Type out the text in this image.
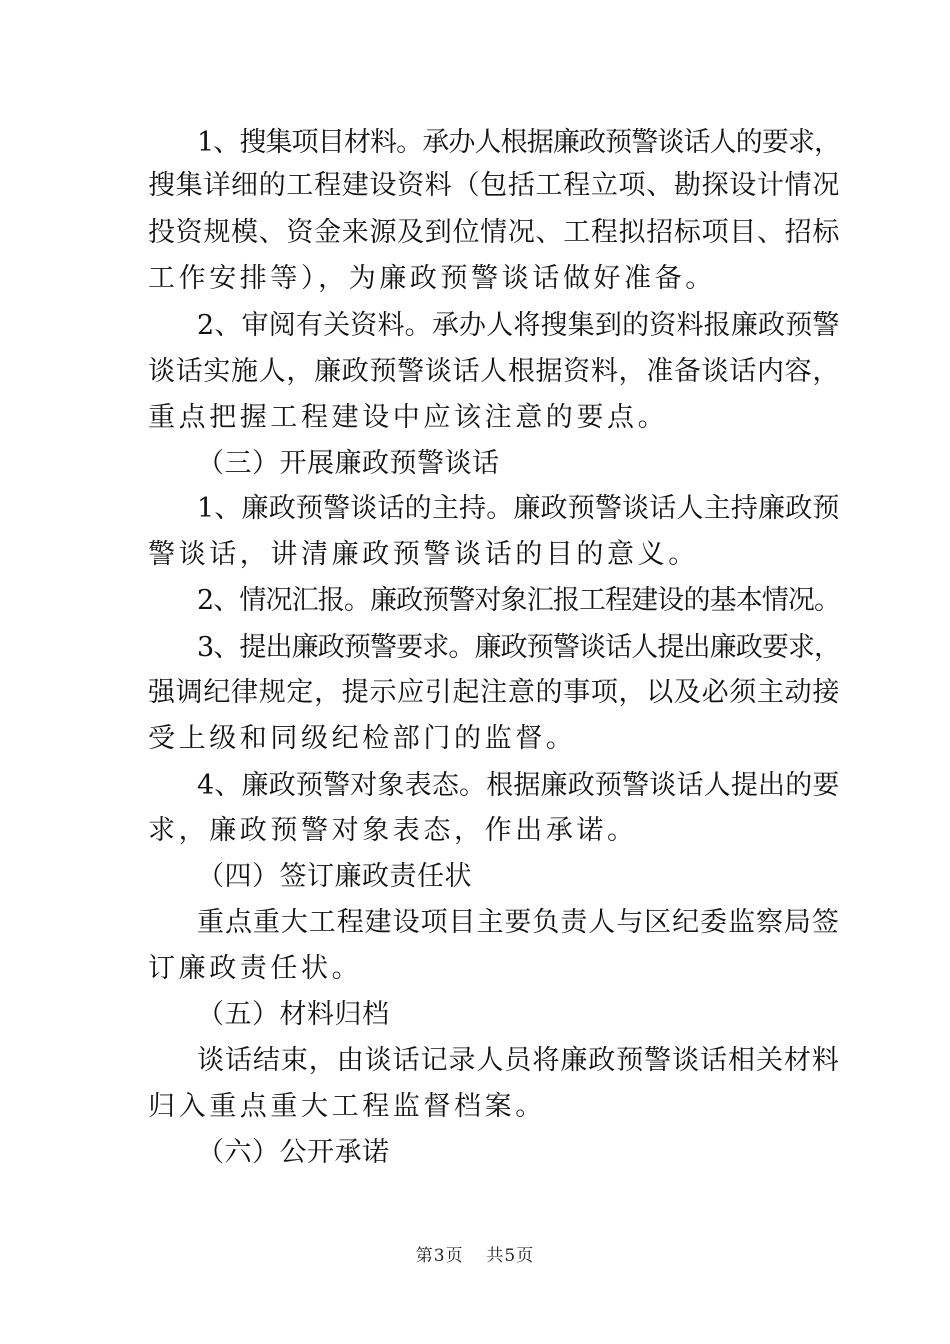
1、搜集项目材料。承办人根据廉政预警谈话人的要求，
搜集详细的工程建设资料（包括工程立项、勘探设计情况
投资规模、资金来源及到位情况、工程拟招标项目、招标
工作安排等），为廉政预警谈话做好准备。
2、审阅有关资料。承办人将搜集到的资料报廉政预警
谈话实施人，廉政预警谈话人根据资料，准备谈话内容，
重点把握工程建设中应该注意的要点。
（三）开展廉政预警谈话
1、廉政预警谈话的主持。廉政预警谈话人主持廉政预
警谈话，讲清廉政预警谈话的目的意义。
2、情况汇报。廉政预警对象汇报工程建设的基本情况。
3、提出廉政预警要求。廉政预警谈话人提出廉政要求，
强调纪律规定，提示应引起注意的事项，以及必须主动接
受上级和同级纪检部门的监督。
4、廉政预警对象表态。根据廉政预警谈话人提出的要
求，廉政预警对象表态，作出承诺。
（四）签订廉政责任状
重点重大工程建设项目主要负责人与区纪委监察局签
订廉政责任状。
（五）材料归档
谈话结束，由谈话记录人员将廉政预警谈话相关材料
归入重点重大工程监督档案。
（六）公开承诺
第3页 共5页
